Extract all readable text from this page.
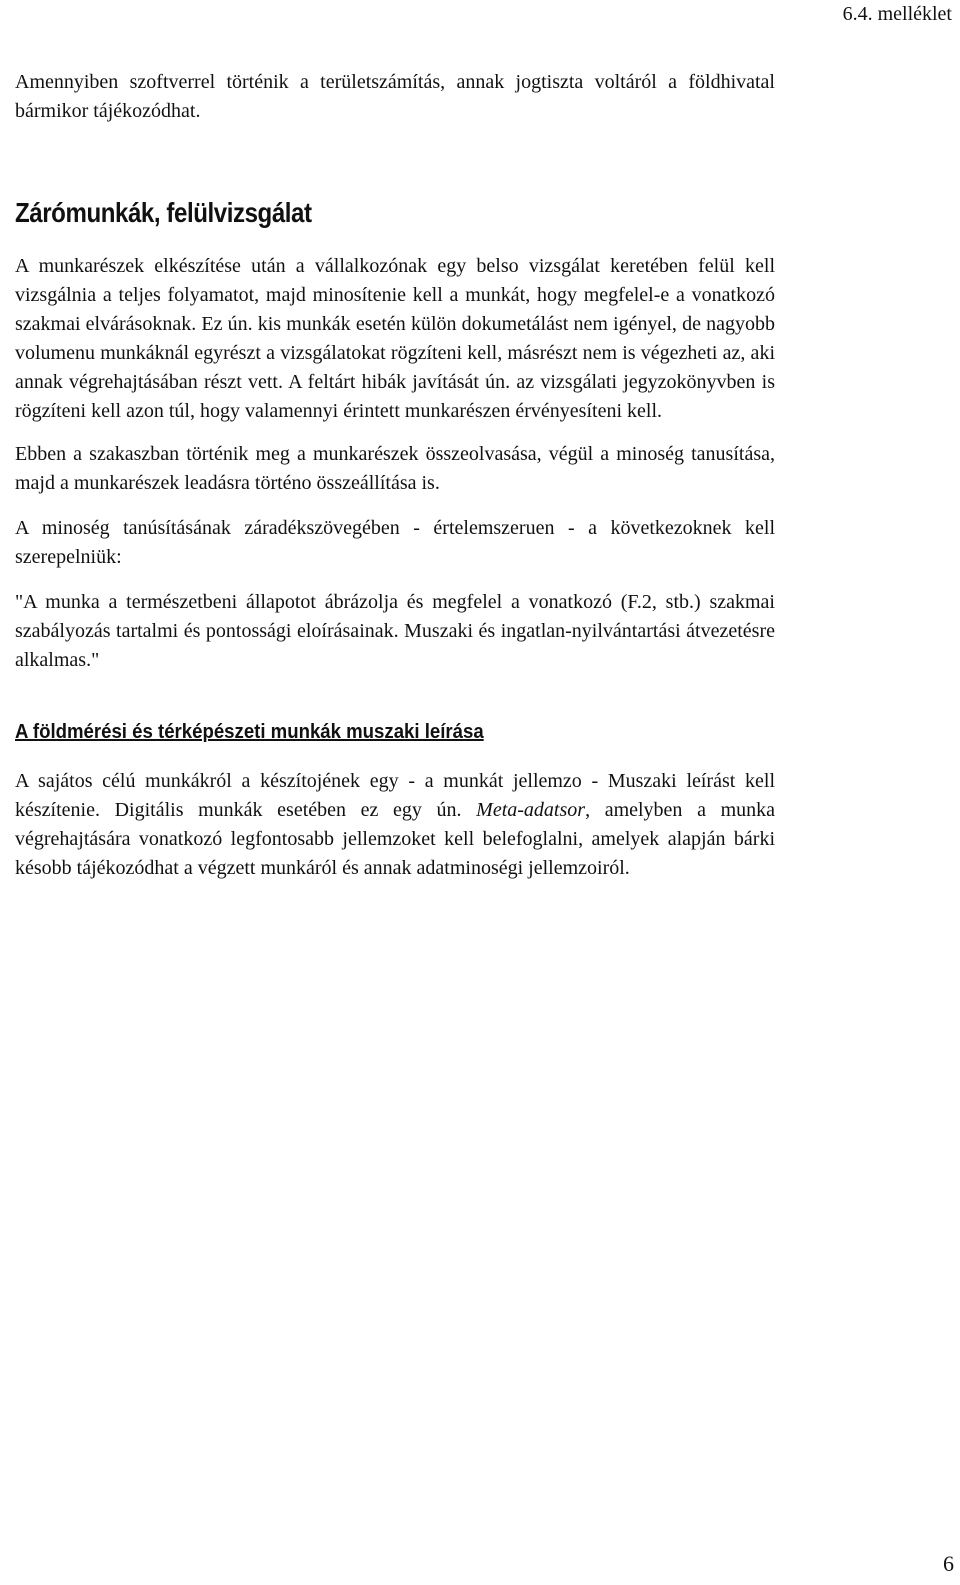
6.4. melléklet

Amennyiben szoftverrel történik a területszámítás, annak jogtiszta voltáról a földhivatal bármikor tájékozódhat.

Zárómunkák, felülvizsgálat

A munkarészek elkészítése után a vállalkozónak egy belso vizsgálat keretében felül kell vizsgálnia a teljes folyamatot, majd minosítenie kell a munkát, hogy megfelel-e a vonatkozó szakmai elvárásoknak. Ez ún. kis munkák esetén külön dokumetálást nem igényel, de nagyobb volumenu munkáknál egyrészt a vizsgálatokat rögzíteni kell, másrészt nem is végezheti az, aki annak végrehajtásában részt vett. A feltárt hibák javítását ún. az vizsgálati jegyzokönyvben is rögzíteni kell azon túl, hogy valamennyi érintett munkarészen érvényesíteni kell.

Ebben a szakaszban történik meg a munkarészek összeolvasása, végül a minoség tanusítása, majd a munkarészek leadásra történo összeállítása is.

A minoség tanúsításának záradékszövegében - értelemszeruen - a következoknek kell szerepelniük:

"A munka a természetbeni állapotot ábrázolja és megfelel a vonatkozó (F.2, stb.) szakmai szabályozás tartalmi és pontossági eloírásainak. Muszaki és ingatlan-nyilvántartási átvezetésre alkalmas."

A földmérési és térképészeti munkák muszaki leírása

A sajátos célú munkákról a készítojének egy - a munkát jellemzo - Muszaki leírást kell készítenie. Digitális munkák esetében ez egy ún. Meta-adatsor, amelyben a munka végrehajtására vonatkozó legfontosabb jellemzoket kell belefoglalni, amelyek alapján bárki késobb tájékozódhat a végzett munkáról és annak adatminoségi jellemzoiról.

6
